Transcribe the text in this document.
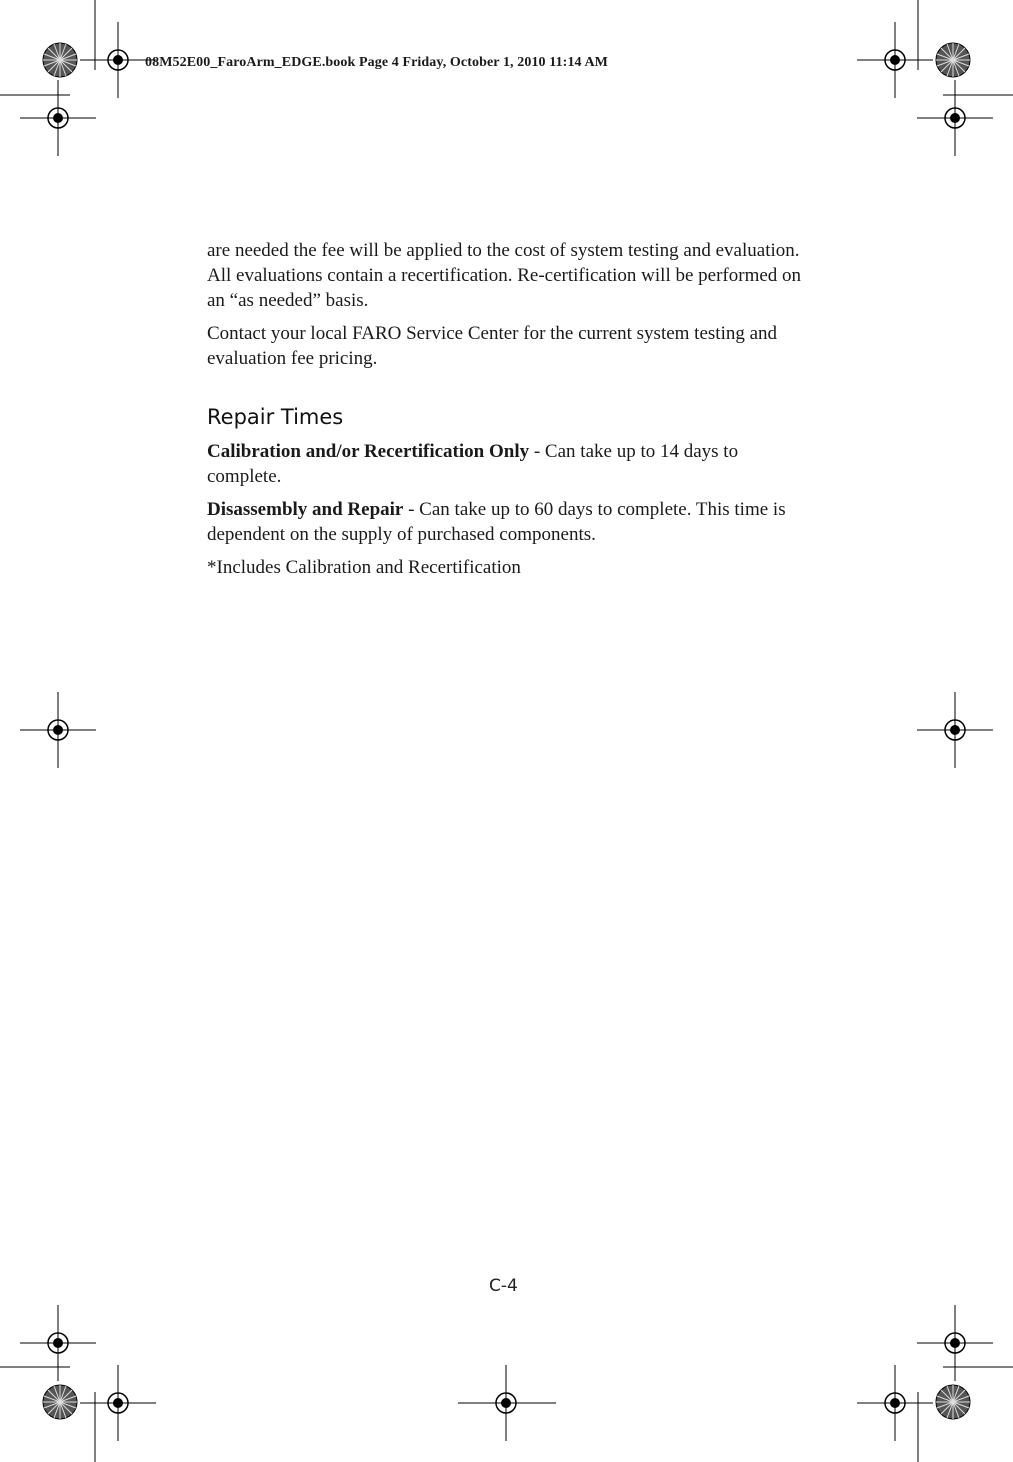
08M52E00_FaroArm_EDGE.book Page 4 Friday, October 1, 2010 11:14 AM

are needed the fee will be applied to the cost of system testing and evaluation. All evaluations contain a recertification. Re-certification will be performed on an “as needed” basis.

Contact your local FARO Service Center for the current system testing and evaluation fee pricing.

Repair Times

Calibration and/or Recertification Only - Can take up to 14 days to complete.

Disassembly and Repair - Can take up to 60 days to complete. This time is dependent on the supply of purchased components.

*Includes Calibration and Recertification

C-4
